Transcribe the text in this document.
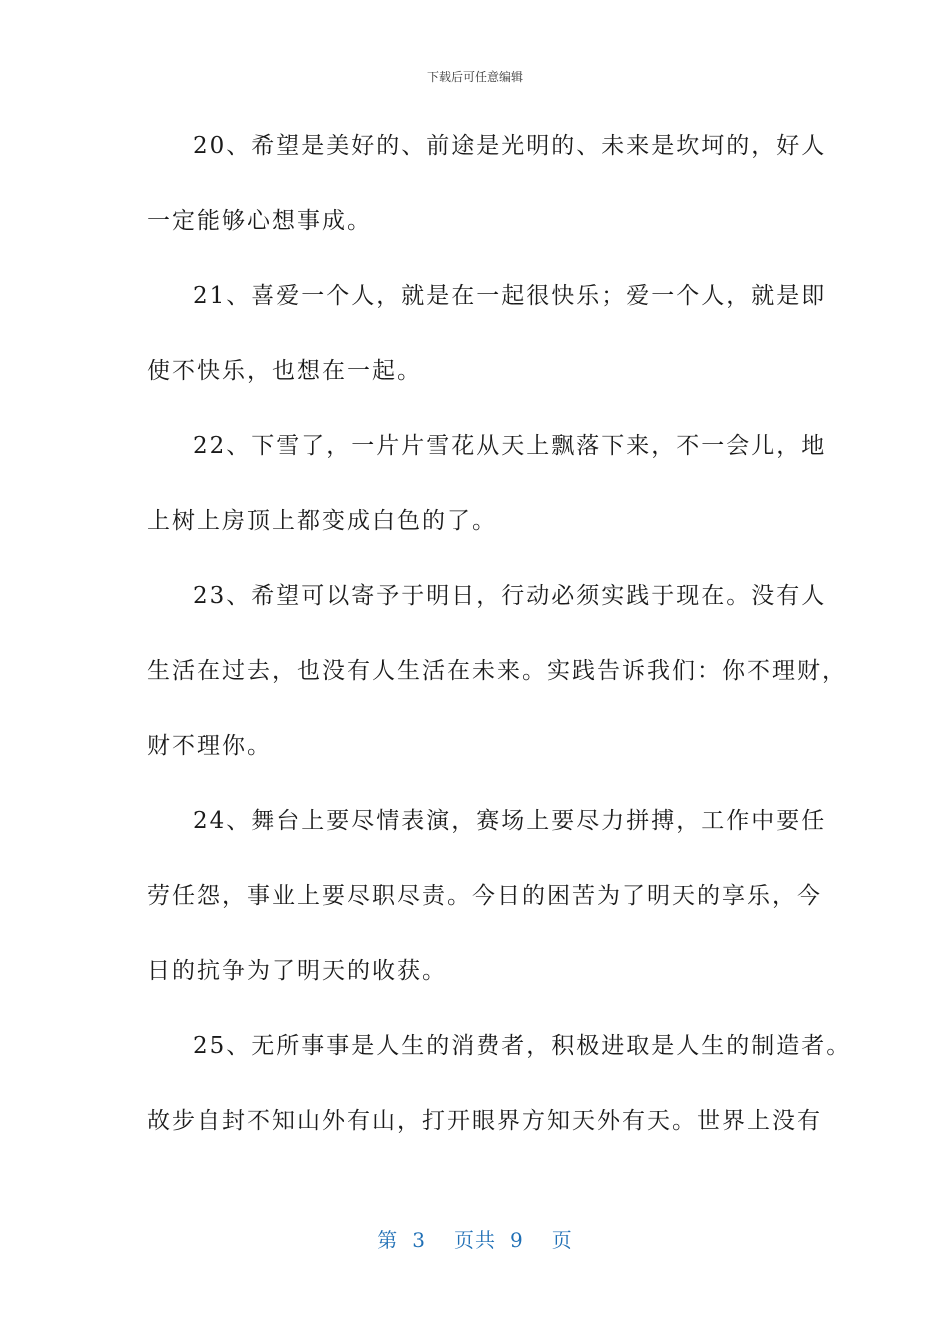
下载后可任意编辑
20、希望是美好的、前途是光明的、未来是坎坷的，好人
一定能够心想事成。
21、喜爱一个人，就是在一起很快乐；爱一个人，就是即
使不快乐，也想在一起。
22、下雪了，一片片雪花从天上飘落下来，不一会儿，地
上树上房顶上都变成白色的了。
23、希望可以寄予于明日，行动必须实践于现在。没有人
生活在过去，也没有人生活在未来。实践告诉我们：你不理财，
财不理你。
24、舞台上要尽情表演，赛场上要尽力拼搏，工作中要任
劳任怨，事业上要尽职尽责。今日的困苦为了明天的享乐，今
日的抗争为了明天的收获。
25、无所事事是人生的消费者，积极进取是人生的制造者。
故步自封不知山外有山，打开眼界方知天外有天。世界上没有
第 3 页共 9 页
